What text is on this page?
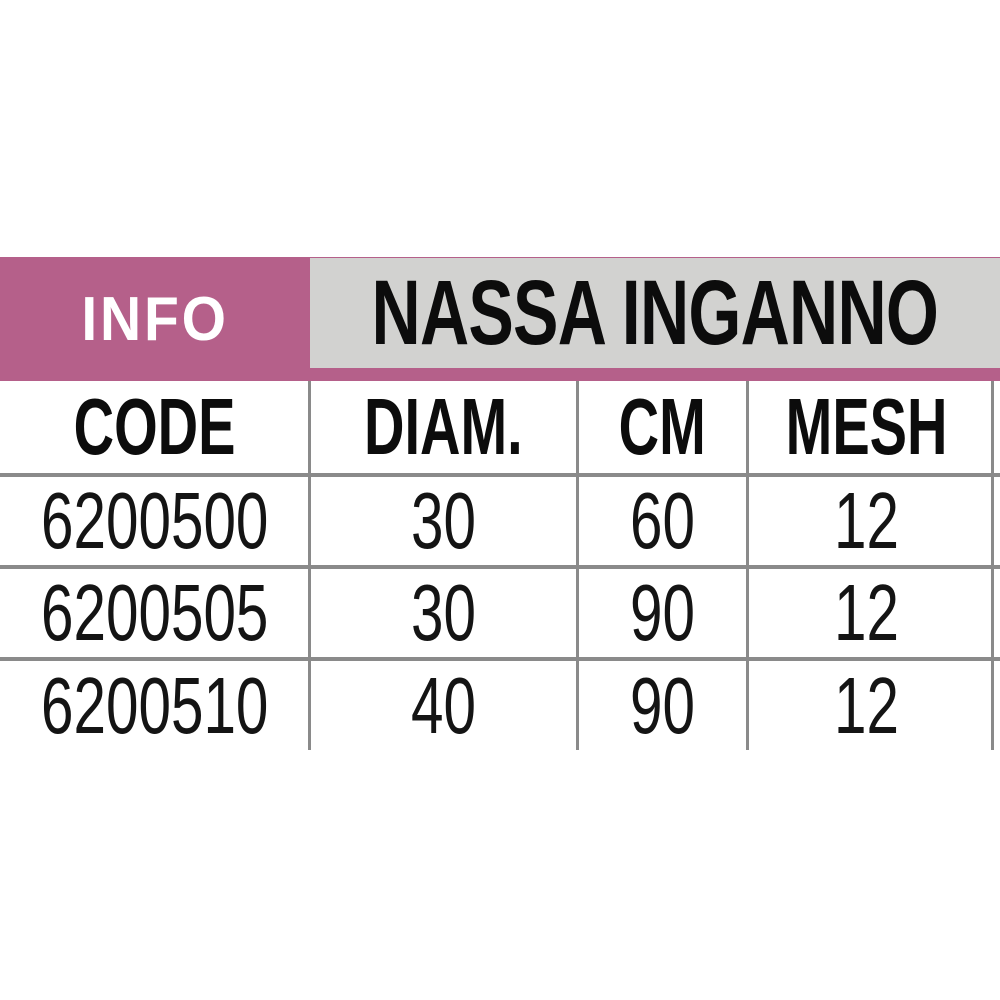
NASSA INGANNO
INFO
CODE DIAM. CM MESH
6200500 30 60 12
6200505 30 90 12
6200510 40 90 12
